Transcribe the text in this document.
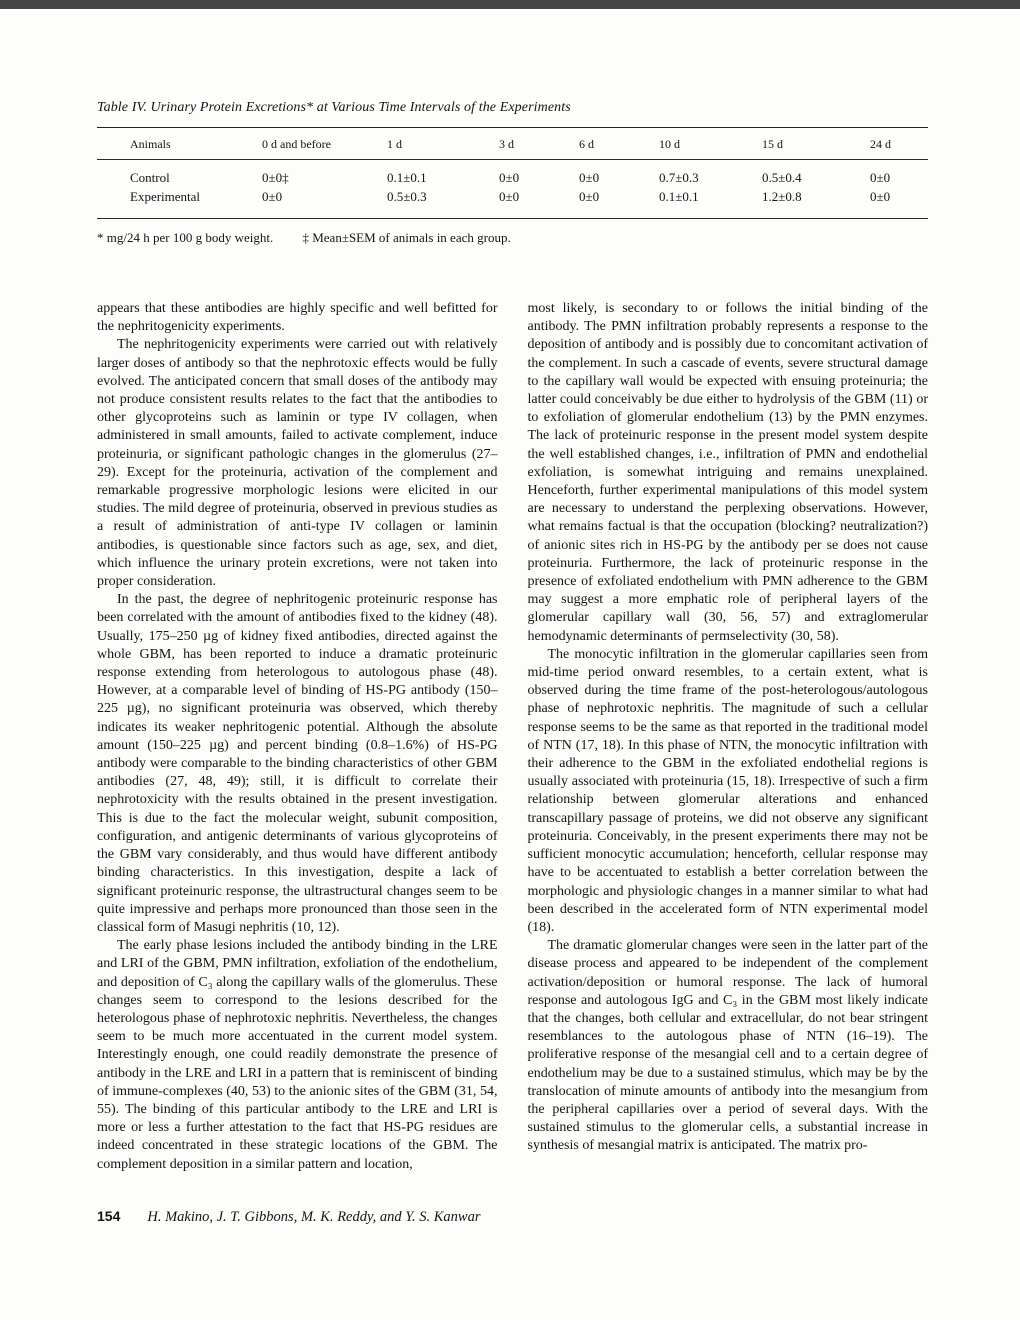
Table IV. Urinary Protein Excretions* at Various Time Intervals of the Experiments
Animals	0 d and before	1 d	3 d	6 d	10 d	15 d	24 d
Control	0±0‡	0.1±0.1	0±0	0±0	0.7±0.3	0.5±0.4	0±0
Experimental	0±0	0.5±0.3	0±0	0±0	0.1±0.1	1.2±0.8	0±0
* mg/24 h per 100 g body weight. ‡ Mean±SEM of animals in each group.

appears that these antibodies are highly specific and well befitted for the nephritogenicity experiments.

The nephritogenicity experiments were carried out with relatively larger doses of antibody so that the nephrotoxic effects would be fully evolved. The anticipated concern that small doses of the antibody may not produce consistent results relates to the fact that the antibodies to other glycoproteins such as laminin or type IV collagen, when administered in small amounts, failed to activate complement, induce proteinuria, or significant pathologic changes in the glomerulus (27–29). Except for the proteinuria, activation of the complement and remarkable progressive morphologic lesions were elicited in our studies. The mild degree of proteinuria, observed in previous studies as a result of administration of anti-type IV collagen or laminin antibodies, is questionable since factors such as age, sex, and diet, which influence the urinary protein excretions, were not taken into proper consideration.

In the past, the degree of nephritogenic proteinuric response has been correlated with the amount of antibodies fixed to the kidney (48). Usually, 175–250 µg of kidney fixed antibodies, directed against the whole GBM, has been reported to induce a dramatic proteinuric response extending from heterologous to autologous phase (48). However, at a comparable level of binding of HS-PG antibody (150–225 µg), no significant proteinuria was observed, which thereby indicates its weaker nephritogenic potential. Although the absolute amount (150–225 µg) and percent binding (0.8–1.6%) of HS-PG antibody were comparable to the binding characteristics of other GBM antibodies (27, 48, 49); still, it is difficult to correlate their nephrotoxicity with the results obtained in the present investigation. This is due to the fact the molecular weight, subunit composition, configuration, and antigenic determinants of various glycoproteins of the GBM vary considerably, and thus would have different antibody binding characteristics. In this investigation, despite a lack of significant proteinuric response, the ultrastructural changes seem to be quite impressive and perhaps more pronounced than those seen in the classical form of Masugi nephritis (10, 12).

The early phase lesions included the antibody binding in the LRE and LRI of the GBM, PMN infiltration, exfoliation of the endothelium, and deposition of C₃ along the capillary walls of the glomerulus. These changes seem to correspond to the lesions described for the heterologous phase of nephrotoxic nephritis. Nevertheless, the changes seem to be much more accentuated in the current model system. Interestingly enough, one could readily demonstrate the presence of antibody in the LRE and LRI in a pattern that is reminiscent of binding of immune-complexes (40, 53) to the anionic sites of the GBM (31, 54, 55). The binding of this particular antibody to the LRE and LRI is more or less a further attestation to the fact that HS-PG residues are indeed concentrated in these strategic locations of the GBM. The complement deposition in a similar pattern and location,

most likely, is secondary to or follows the initial binding of the antibody. The PMN infiltration probably represents a response to the deposition of antibody and is possibly due to concomitant activation of the complement. In such a cascade of events, severe structural damage to the capillary wall would be expected with ensuing proteinuria; the latter could conceivably be due either to hydrolysis of the GBM (11) or to exfoliation of glomerular endothelium (13) by the PMN enzymes. The lack of proteinuric response in the present model system despite the well established changes, i.e., infiltration of PMN and endothelial exfoliation, is somewhat intriguing and remains unexplained. Henceforth, further experimental manipulations of this model system are necessary to understand the perplexing observations. However, what remains factual is that the occupation (blocking? neutralization?) of anionic sites rich in HS-PG by the antibody per se does not cause proteinuria. Furthermore, the lack of proteinuric response in the presence of exfoliated endothelium with PMN adherence to the GBM may suggest a more emphatic role of peripheral layers of the glomerular capillary wall (30, 56, 57) and extraglomerular hemodynamic determinants of permselectivity (30, 58).

The monocytic infiltration in the glomerular capillaries seen from mid-time period onward resembles, to a certain extent, what is observed during the time frame of the post-heterologous/autologous phase of nephrotoxic nephritis. The magnitude of such a cellular response seems to be the same as that reported in the traditional model of NTN (17, 18). In this phase of NTN, the monocytic infiltration with their adherence to the GBM in the exfoliated endothelial regions is usually associated with proteinuria (15, 18). Irrespective of such a firm relationship between glomerular alterations and enhanced transcapillary passage of proteins, we did not observe any significant proteinuria. Conceivably, in the present experiments there may not be sufficient monocytic accumulation; henceforth, cellular response may have to be accentuated to establish a better correlation between the morphologic and physiologic changes in a manner similar to what had been described in the accelerated form of NTN experimental model (18).

The dramatic glomerular changes were seen in the latter part of the disease process and appeared to be independent of the complement activation/deposition or humoral response. The lack of humoral response and autologous IgG and C₃ in the GBM most likely indicate that the changes, both cellular and extracellular, do not bear stringent resemblances to the autologous phase of NTN (16–19). The proliferative response of the mesangial cell and to a certain degree of endothelium may be due to a sustained stimulus, which may be by the translocation of minute amounts of antibody into the mesangium from the peripheral capillaries over a period of several days. With the sustained stimulus to the glomerular cells, a substantial increase in synthesis of mesangial matrix is anticipated. The matrix pro-

154 H. Makino, J. T. Gibbons, M. K. Reddy, and Y. S. Kanwar
